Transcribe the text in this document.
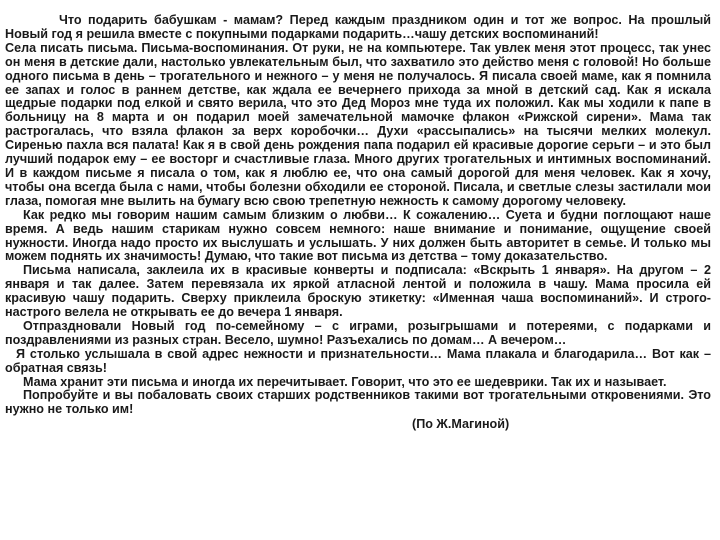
Что подарить бабушкам - мамам? Перед каждым праздником один и тот же вопрос. На прошлый Новый год я решила вместе с покупными подарками подарить…чашу детских воспоминаний!

Села писать письма. Письма-воспоминания. От руки, не на компьютере. Так увлек меня этот процесс, так унес он меня в детские дали, настолько увлекательным был, что захватило это действо меня с головой! Но больше одного письма в день – трогательного и нежного – у меня не получалось. Я писала своей маме, как я помнила ее запах и голос в раннем детстве, как ждала ее вечернего прихода за мной в детский сад. Как я искала щедрые подарки под елкой и свято верила, что это Дед Мороз мне туда их положил. Как мы ходили к папе в больницу на 8 марта и он подарил моей замечательной мамочке флакон «Рижской сирени». Мама так растрогалась, что взяла флакон за верх коробочки… Духи «рассыпались» на тысячи мелких молекул. Сиренью пахла вся палата! Как я в свой день рождения папа подарил ей красивые дорогие серьги – и это был лучший подарок ему – ее восторг и счастливые глаза. Много других трогательных и интимных воспоминаний. И в каждом письме я писала о том, как я люблю ее, что она самый дорогой для меня человек. Как я хочу, чтобы она всегда была с нами, чтобы болезни обходили ее стороной. Писала, и светлые слезы застилали мои глаза, помогая мне вылить на бумагу всю свою трепетную нежность к самому дорогому человеку.

Как редко мы говорим нашим самым близким о любви… К сожалению… Суета и будни поглощают наше время. А ведь нашим старикам нужно совсем немного: наше внимание и понимание, ощущение своей нужности. Иногда надо просто их выслушать и услышать. У них должен быть авторитет в семье. И только мы можем поднять их значимость! Думаю, что такие вот письма из детства – тому доказательство.

Письма написала, заклеила их в красивые конверты и подписала: «Вскрыть 1 января». На другом – 2 января и так далее. Затем перевязала их яркой атласной лентой и положила в чашу. Мама просила ей красивую чашу подарить. Сверху приклеила броскую этикетку: «Именная чаша воспоминаний». И строго-настрого велела не открывать ее до вечера 1 января.

Отпраздновали Новый год по-семейному – с играми, розыгрышами и потереями, с подарками и поздравлениями из разных стран. Весело, шумно! Разъехались по домам… А вечером…

Я столько услышала в свой адрес нежности и признательности… Мама плакала и благодарила… Вот как – обратная связь!

Мама хранит эти письма и иногда их перечитывает. Говорит, что это ее шедеврики. Так их и называет.

Попробуйте и вы побаловать своих старших родственников такими вот трогательными откровениями. Это нужно не только им!

(По Ж.Магиной)
